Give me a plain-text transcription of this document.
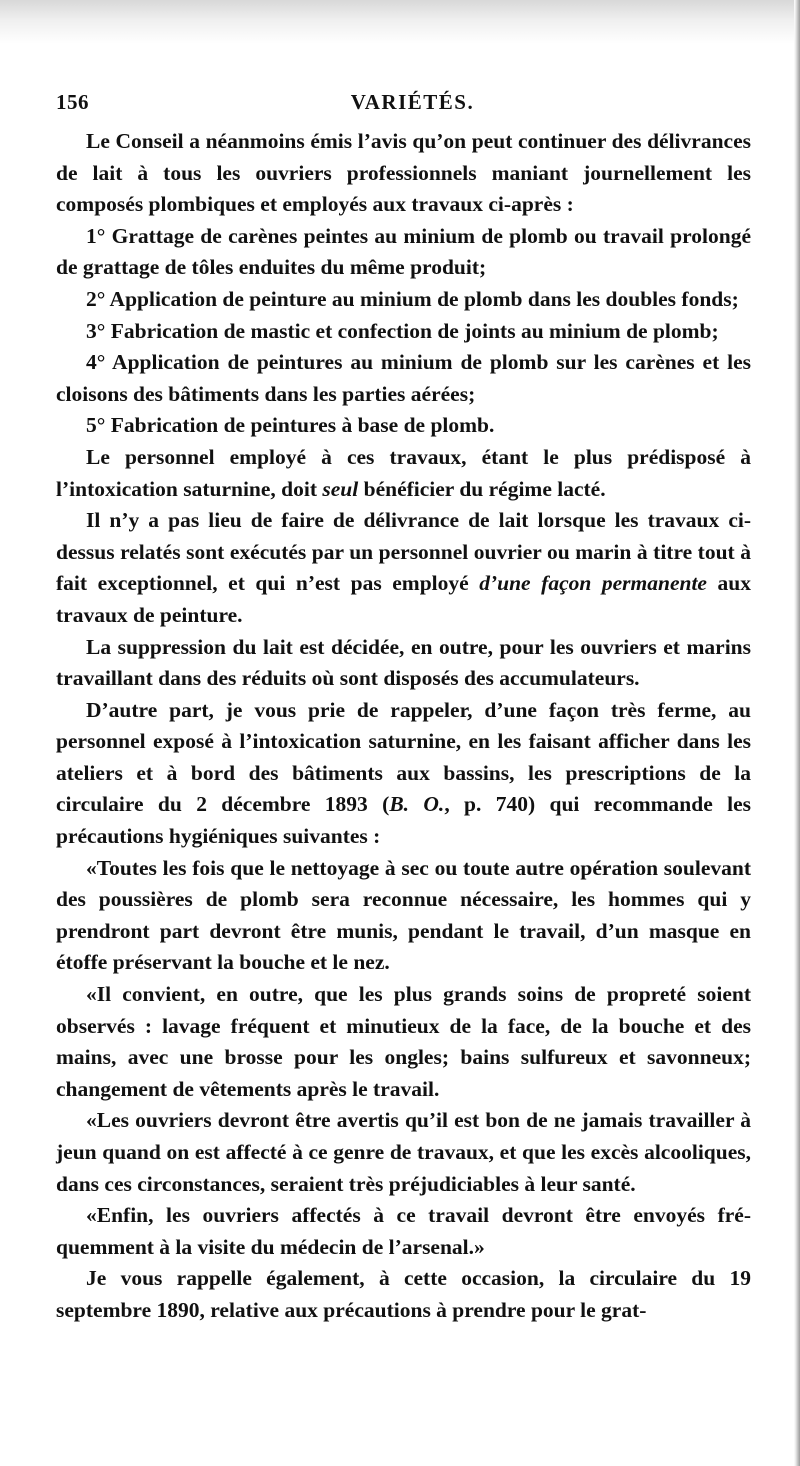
156	VARIÉTÉS.

Le Conseil a néanmoins émis l’avis qu’on peut continuer des délivrances de lait à tous les ouvriers professionnels maniant journellement les composés plombiques et employés aux travaux ci-après :

1° Grattage de carènes peintes au minium de plomb ou travail prolongé de grattage de tôles enduites du même produit;

2° Application de peinture au minium de plomb dans les doubles fonds;

3° Fabrication de mastic et confection de joints au minium de plomb;

4° Application de peintures au minium de plomb sur les carènes et les cloisons des bâtiments dans les parties aérées;

5° Fabrication de peintures à base de plomb.

Le personnel employé à ces travaux, étant le plus prédisposé à l’intoxication saturnine, doit seul bénéficier du régime lacté.

Il n’y a pas lieu de faire de délivrance de lait lorsque les travaux ci-dessus relatés sont exécutés par un personnel ouvrier ou marin à titre tout à fait exceptionnel, et qui n’est pas employé d’une façon permanente aux travaux de peinture.

La suppression du lait est décidée, en outre, pour les ouvriers et marins travaillant dans des réduits où sont disposés des accumulateurs.

D’autre part, je vous prie de rappeler, d’une façon très ferme, au personnel exposé à l’intoxication saturnine, en les faisant afficher dans les ateliers et à bord des bâtiments aux bassins, les prescriptions de la circulaire du 2 décembre 1893 (B. O., p. 740) qui recommande les précautions hygiéniques suivantes :

«Toutes les fois que le nettoyage à sec ou toute autre opération soulevant des poussières de plomb sera reconnue nécessaire, les hommes qui y prendront part devront être munis, pendant le travail, d’un masque en étoffe préservant la bouche et le nez.

«Il convient, en outre, que les plus grands soins de propreté soient observés : lavage fréquent et minutieux de la face, de la bouche et des mains, avec une brosse pour les ongles; bains sulfureux et savonneux; changement de vêtements après le travail.

«Les ouvriers devront être avertis qu’il est bon de ne jamais travailler à jeun quand on est affecté à ce genre de travaux, et que les excès alcooliques, dans ces circonstances, seraient très préjudiciables à leur santé.

«Enfin, les ouvriers affectés à ce travail devront être envoyés fréquemment à la visite du médecin de l’arsenal.»

Je vous rappelle également, à cette occasion, la circulaire du 19 septembre 1890, relative aux précautions à prendre pour le grat-
